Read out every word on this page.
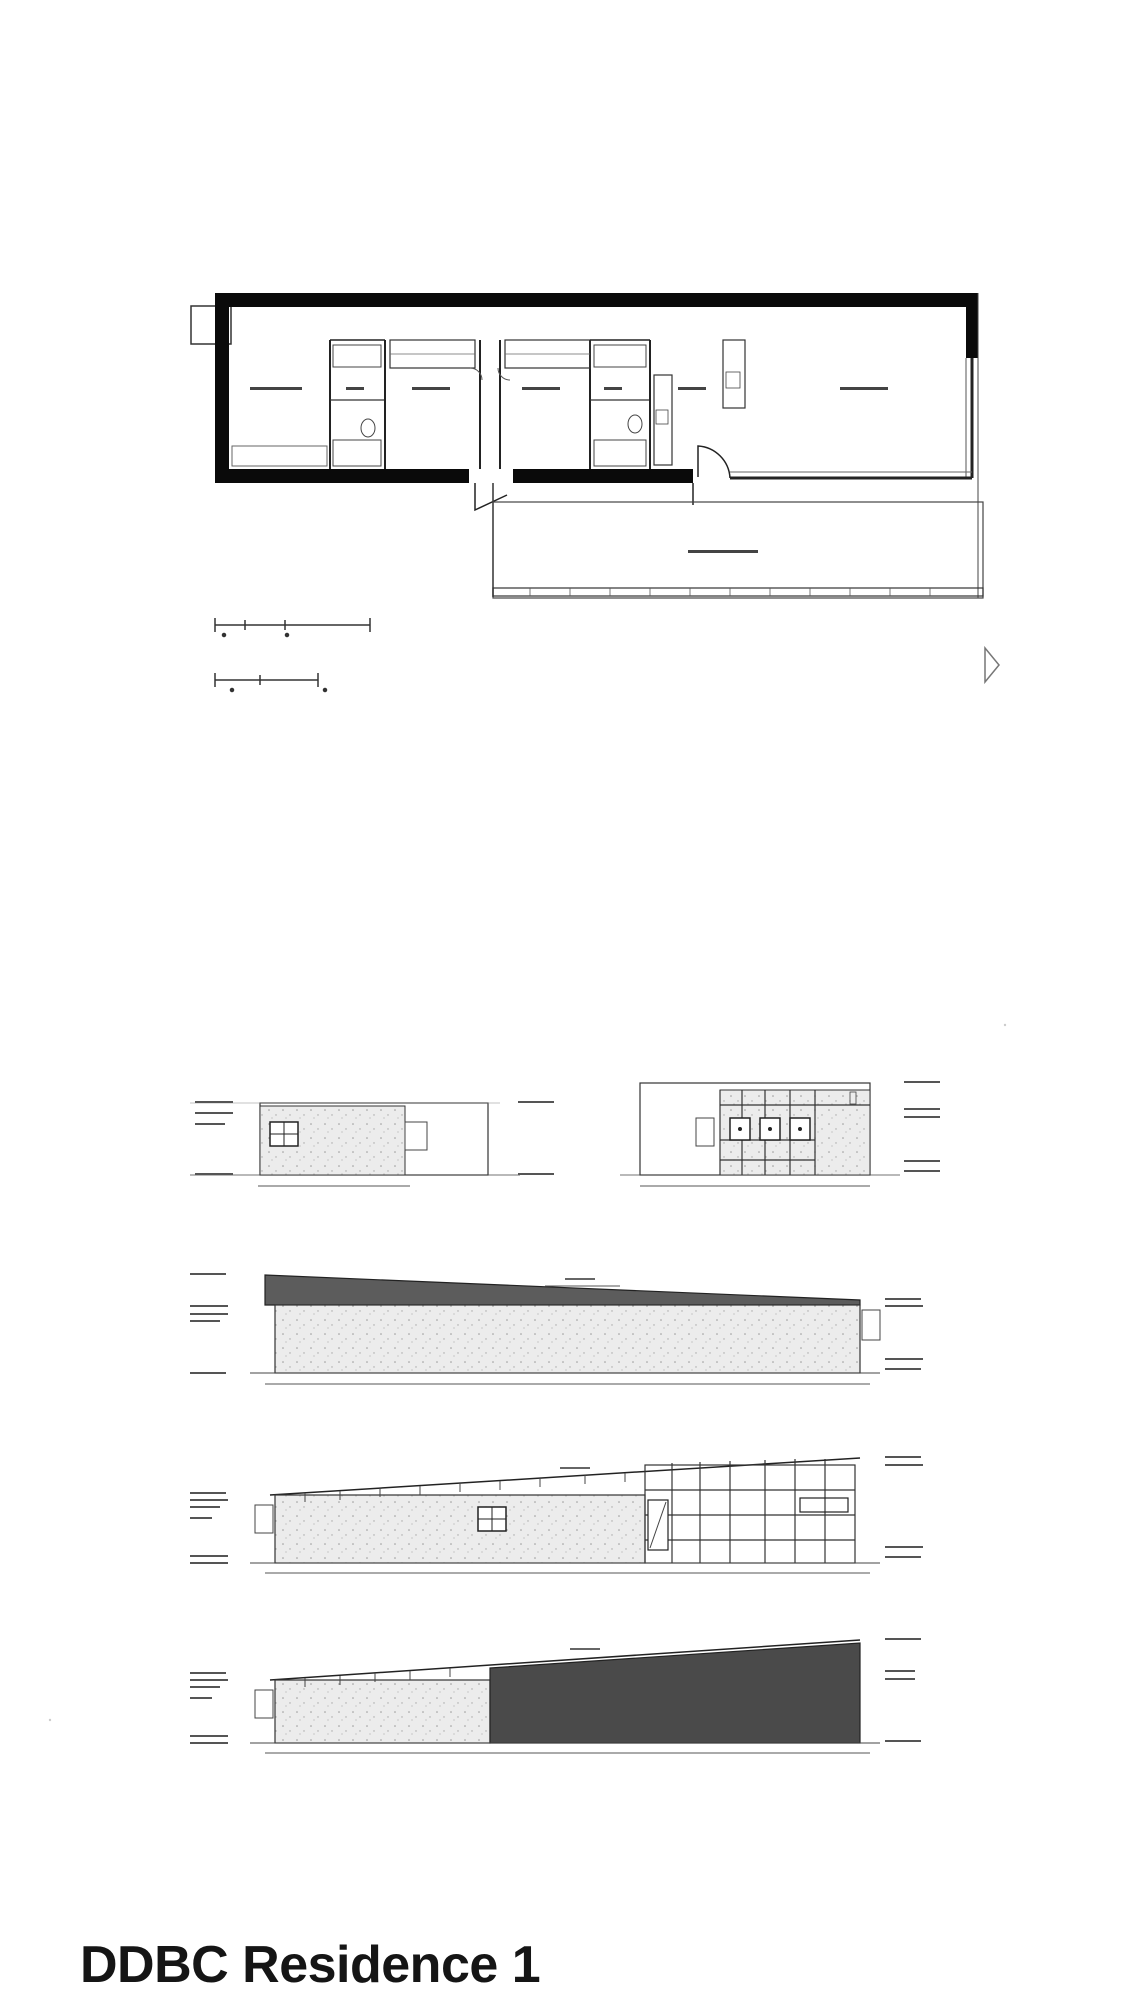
DDBC Residence 1
